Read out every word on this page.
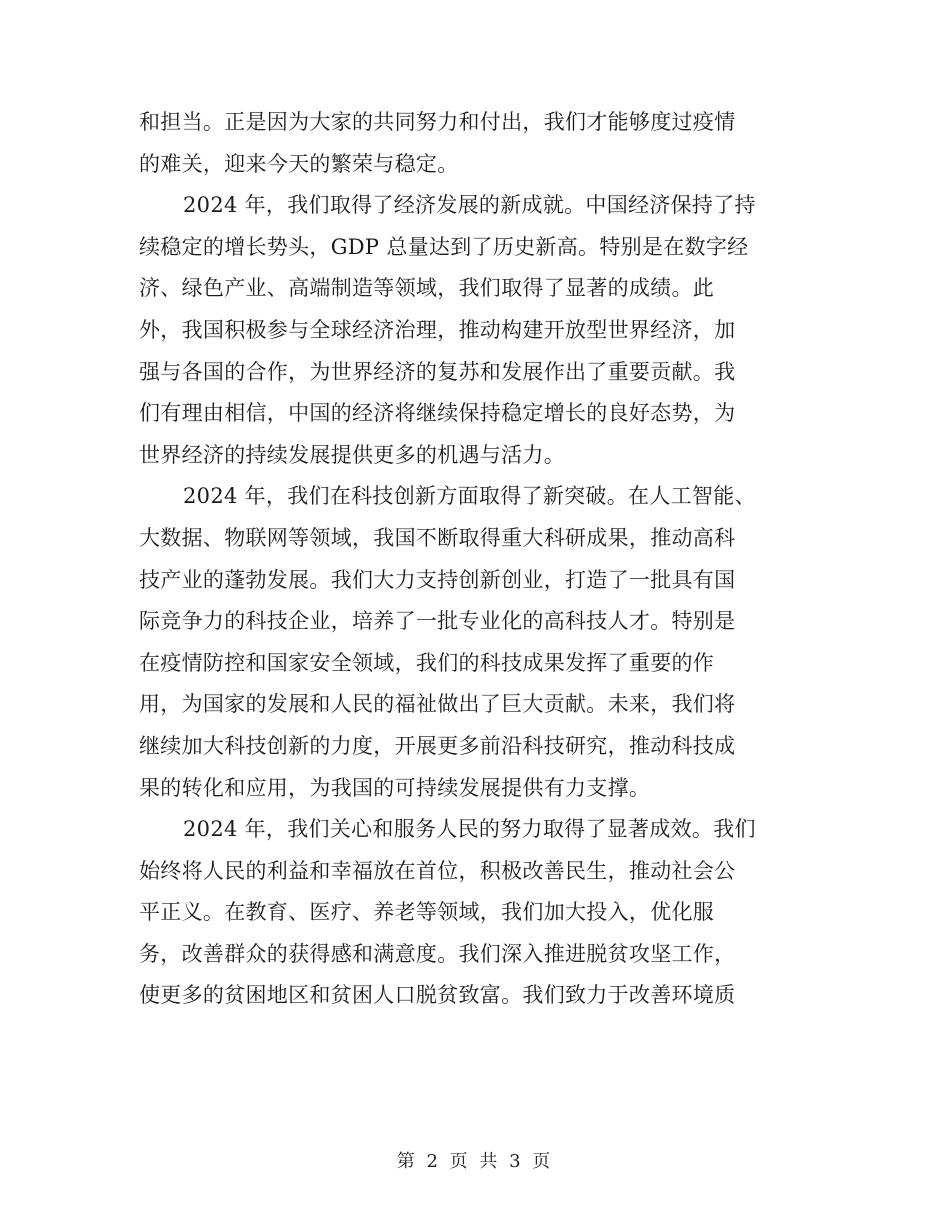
和担当。正是因为大家的共同努力和付出，我们才能够度过疫情
的难关，迎来今天的繁荣与稳定。
2024 年，我们取得了经济发展的新成就。中国经济保持了持
续稳定的增长势头，GDP 总量达到了历史新高。特别是在数字经
济、绿色产业、高端制造等领域，我们取得了显著的成绩。此
外，我国积极参与全球经济治理，推动构建开放型世界经济，加
强与各国的合作，为世界经济的复苏和发展作出了重要贡献。我
们有理由相信，中国的经济将继续保持稳定增长的良好态势，为
世界经济的持续发展提供更多的机遇与活力。
2024 年，我们在科技创新方面取得了新突破。在人工智能、
大数据、物联网等领域，我国不断取得重大科研成果，推动高科
技产业的蓬勃发展。我们大力支持创新创业，打造了一批具有国
际竞争力的科技企业，培养了一批专业化的高科技人才。特别是
在疫情防控和国家安全领域，我们的科技成果发挥了重要的作
用，为国家的发展和人民的福祉做出了巨大贡献。未来，我们将
继续加大科技创新的力度，开展更多前沿科技研究，推动科技成
果的转化和应用，为我国的可持续发展提供有力支撑。
2024 年，我们关心和服务人民的努力取得了显著成效。我们
始终将人民的利益和幸福放在首位，积极改善民生，推动社会公
平正义。在教育、医疗、养老等领域，我们加大投入，优化服
务，改善群众的获得感和满意度。我们深入推进脱贫攻坚工作，
使更多的贫困地区和贫困人口脱贫致富。我们致力于改善环境质
第 2 页 共 3 页
